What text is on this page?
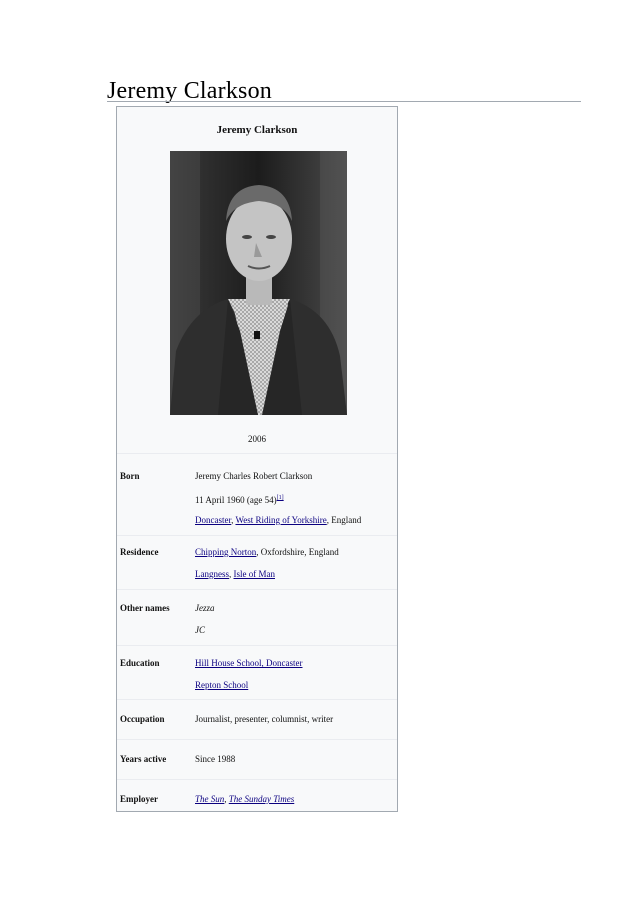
Jeremy Clarkson
Jeremy Clarkson
2006
Born	Jeremy Charles Robert Clarkson
11 April 1960 (age 54)[1]
Doncaster, West Riding of Yorkshire, England
Residence	Chipping Norton, Oxfordshire, England
Langness, Isle of Man
Other names	Jezza
JC
Education	Hill House School, Doncaster
Repton School
Occupation	Journalist, presenter, columnist, writer
Years active	Since 1988
Employer	The Sun, The Sunday Times
